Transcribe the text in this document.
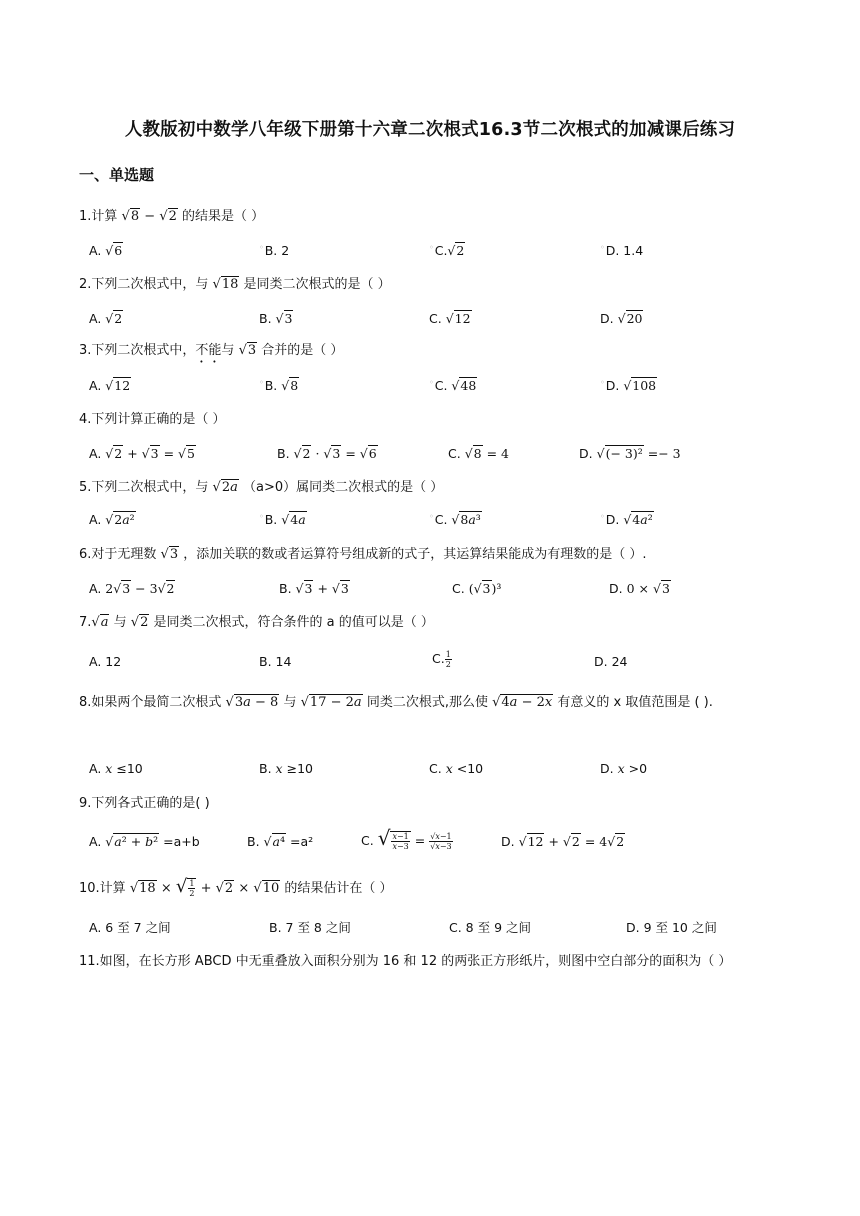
人教版初中数学八年级下册第十六章二次根式16.3节二次根式的加减课后练习
一、单选题
1.计算 √8 − √2 的结果是（ ）
A. √6	◦B. 2	◦C.√2	◦D. 1.4
2.下列二次根式中，与 √18 是同类二次根式的是（ ）
A. √2	B. √3	C. √12	D. √20
3.下列二次根式中，不能与 √3 合并的是（ ）
A. √12	◦B. √8	◦C. √48	◦D. √108
4.下列计算正确的是（ ）
A. √2 + √3 = √5	B. √2 · √3 = √6	C. √8 = 4	D. √(− 3)² =− 3
5.下列二次根式中，与 √2a （a>0）属同类二次根式的是（ ）
A. √2a²	◦B. √4a	◦C. √8a³	◦D. √4a²
6.对于无理数 √3 ，添加关联的数或者运算符号组成新的式子，其运算结果能成为有理数的是（ ）.
A. 2√3 − 3√2	B. √3 + √3	C. (√3)³	D. 0 × √3
7.√a 与 √2 是同类二次根式，符合条件的 a 的值可以是（ ）
A. 12	B. 14	C. $\frac{1}{2}$	D. 24
8.如果两个最简二次根式 √3a − 8 与 √17 − 2a 同类二次根式,那么使 √4a − 2x 有意义的 x 取值范围是 ( ).
A. x ≤10	B. x ≥10	C. x <10	D. x >0
9.下列各式正确的是( )
A. √a² + b² =a+b	B. √a⁴ =a²	C. √ $\frac{x-1}{x-3} = \frac{√x-1}{√x-3}$	D. √12 + √2 = 4√2
10.计算 √18 × √ $\frac{1}{2} + √2 \times √10$ 的结果估计在（ ）
A. 6 至 7 之间	B. 7 至 8 之间	C. 8 至 9 之间	D. 9 至 10 之间
11.如图，在长方形 ABCD 中无重叠放入面积分别为 16 和 12 的两张正方形纸片，则图中空白部分的面积为（ ）
